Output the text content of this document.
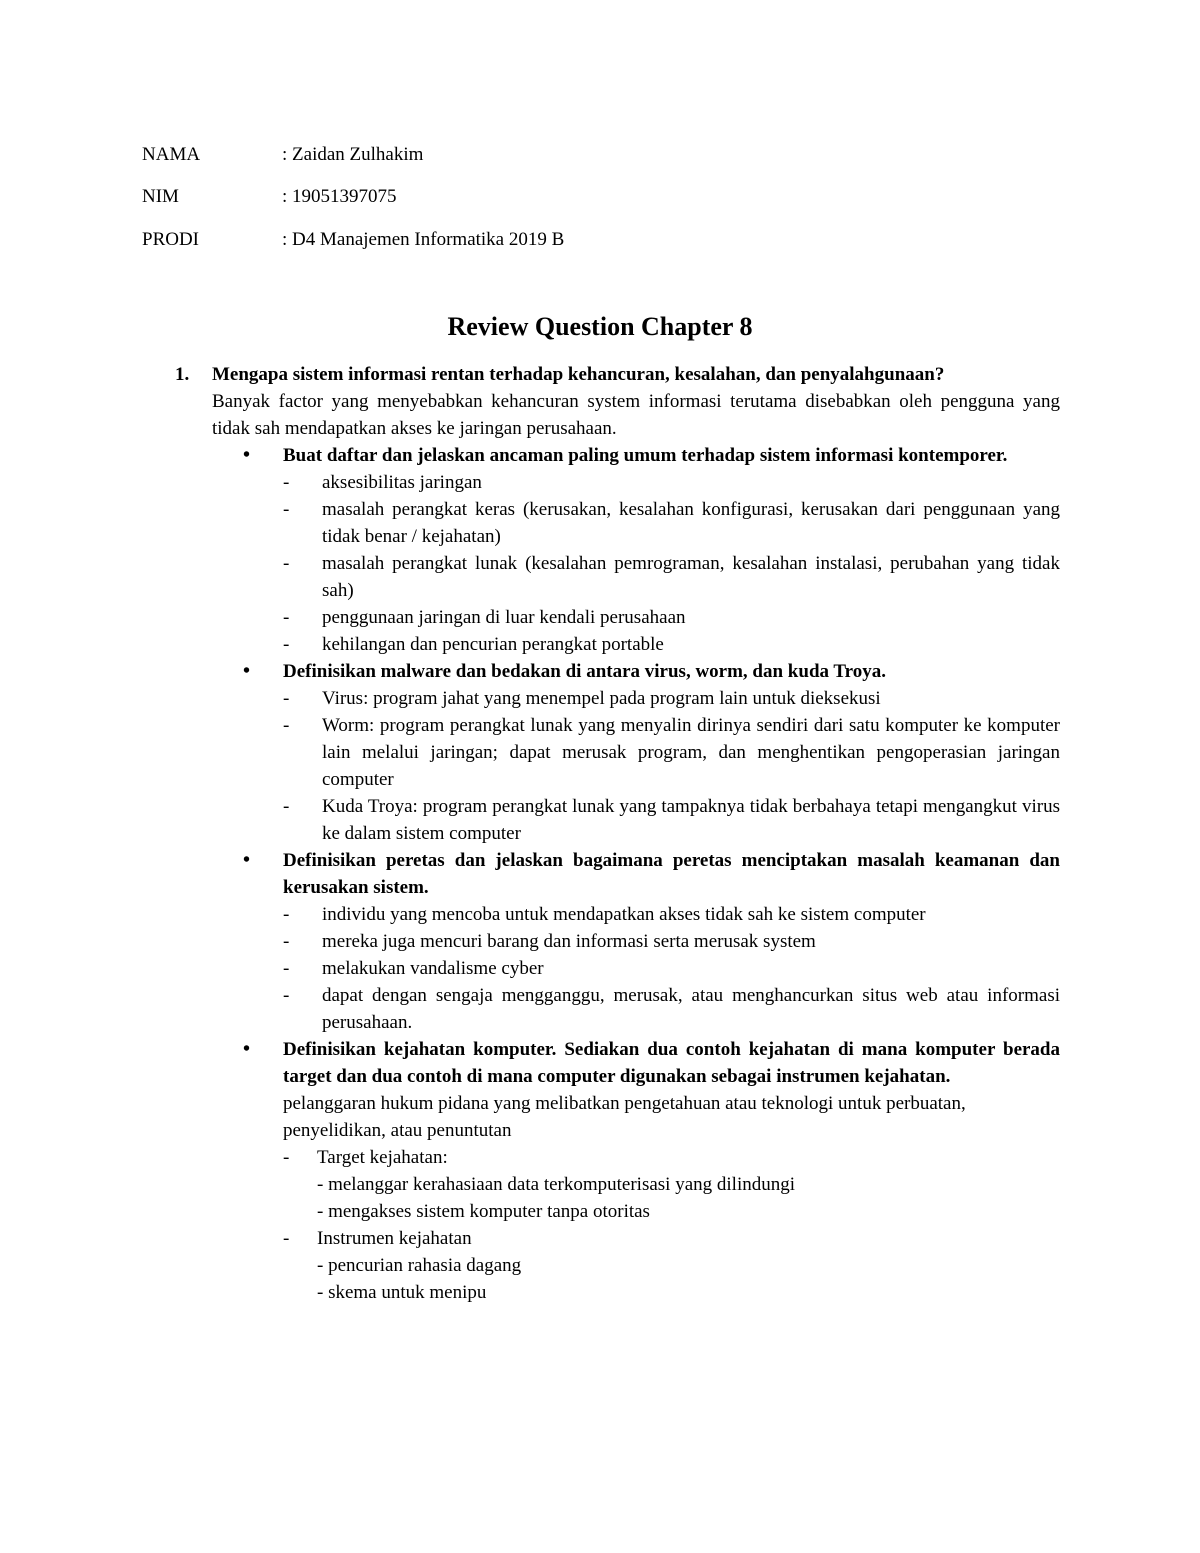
NAMA	: Zaidan Zulhakim
NIM	: 19051397075
PRODI	: D4 Manajemen Informatika 2019 B
Review Question Chapter 8
1. Mengapa sistem informasi rentan terhadap kehancuran, kesalahan, dan penyalahgunaan?
Banyak factor yang menyebabkan kehancuran system informasi terutama disebabkan oleh pengguna yang tidak sah mendapatkan akses ke jaringan perusahaan.
•	Buat daftar dan jelaskan ancaman paling umum terhadap sistem informasi kontemporer.
- aksesibilitas jaringan
- masalah perangkat keras (kerusakan, kesalahan konfigurasi, kerusakan dari penggunaan yang tidak benar / kejahatan)
- masalah perangkat lunak (kesalahan pemrograman, kesalahan instalasi, perubahan yang tidak sah)
- penggunaan jaringan di luar kendali perusahaan
- kehilangan dan pencurian perangkat portable
•	Definisikan malware dan bedakan di antara virus, worm, dan kuda Troya.
- Virus: program jahat yang menempel pada program lain untuk dieksekusi
- Worm: program perangkat lunak yang menyalin dirinya sendiri dari satu komputer ke komputer lain melalui jaringan; dapat merusak program, dan menghentikan pengoperasian jaringan computer
- Kuda Troya: program perangkat lunak yang tampaknya tidak berbahaya tetapi mengangkut virus ke dalam sistem computer
•	Definisikan peretas dan jelaskan bagaimana peretas menciptakan masalah keamanan dan kerusakan sistem.
- individu yang mencoba untuk mendapatkan akses tidak sah ke sistem computer
- mereka juga mencuri barang dan informasi serta merusak system
- melakukan vandalisme cyber
- dapat dengan sengaja mengganggu, merusak, atau menghancurkan situs web atau informasi perusahaan.
•	Definisikan kejahatan komputer. Sediakan dua contoh kejahatan di mana komputer berada target dan dua contoh di mana computer digunakan sebagai instrumen kejahatan.
pelanggaran hukum pidana yang melibatkan pengetahuan atau teknologi untuk perbuatan, penyelidikan, atau penuntutan
- Target kejahatan:
- melanggar kerahasiaan data terkomputerisasi yang dilindungi
- mengakses sistem komputer tanpa otoritas
- Instrumen kejahatan
- pencurian rahasia dagang
- skema untuk menipu
